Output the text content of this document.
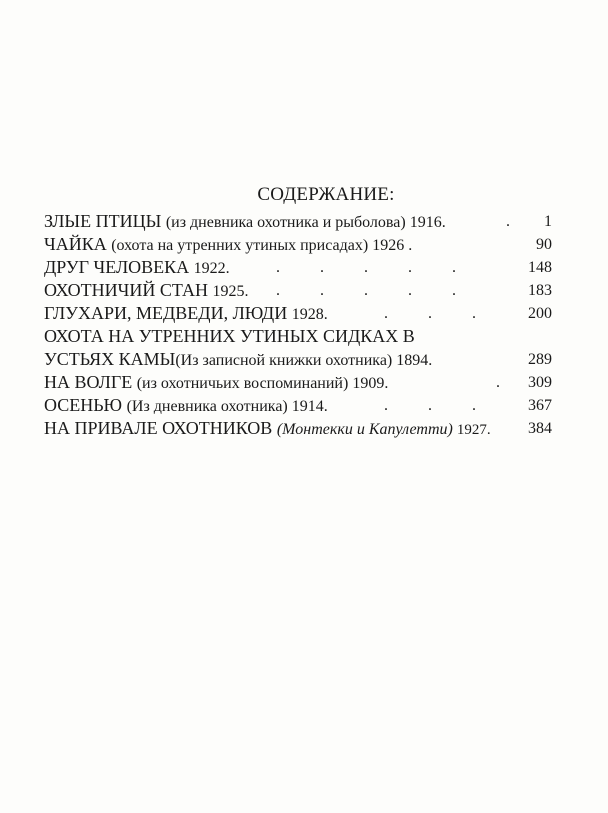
СОДЕРЖАНИЕ:
ЗЛЫЕ ПТИЦЫ (из дневника охотника и рыболова) 1916.	. 1
ЧАЙКА (охота на утренних утиных присадах) 1926 .	90
ДРУГ ЧЕЛОВЕКА 1922.	.          .          .          .          .	148
ОХОТНИЧИЙ СТАН 1925. .          .          .          .          .	183
ГЛУХАРИ, МЕДВЕДИ, ЛЮДИ 1928.	.          .          .	200
ОХОТА НА УТРЕННИХ УТИНЫХ СИДКАХ В
УСТЬЯХ КАМЫ(Из записной книжки охотника) 1894.	289
НА ВОЛГЕ (из охотничьих воспоминаний) 1909.	. 309
ОСЕНЬЮ (Из дневника охотника) 1914.	.          .          .	367
НА ПРИВАЛЕ ОХОТНИКОВ (Монтекки и Капулетти) 1927. 384
